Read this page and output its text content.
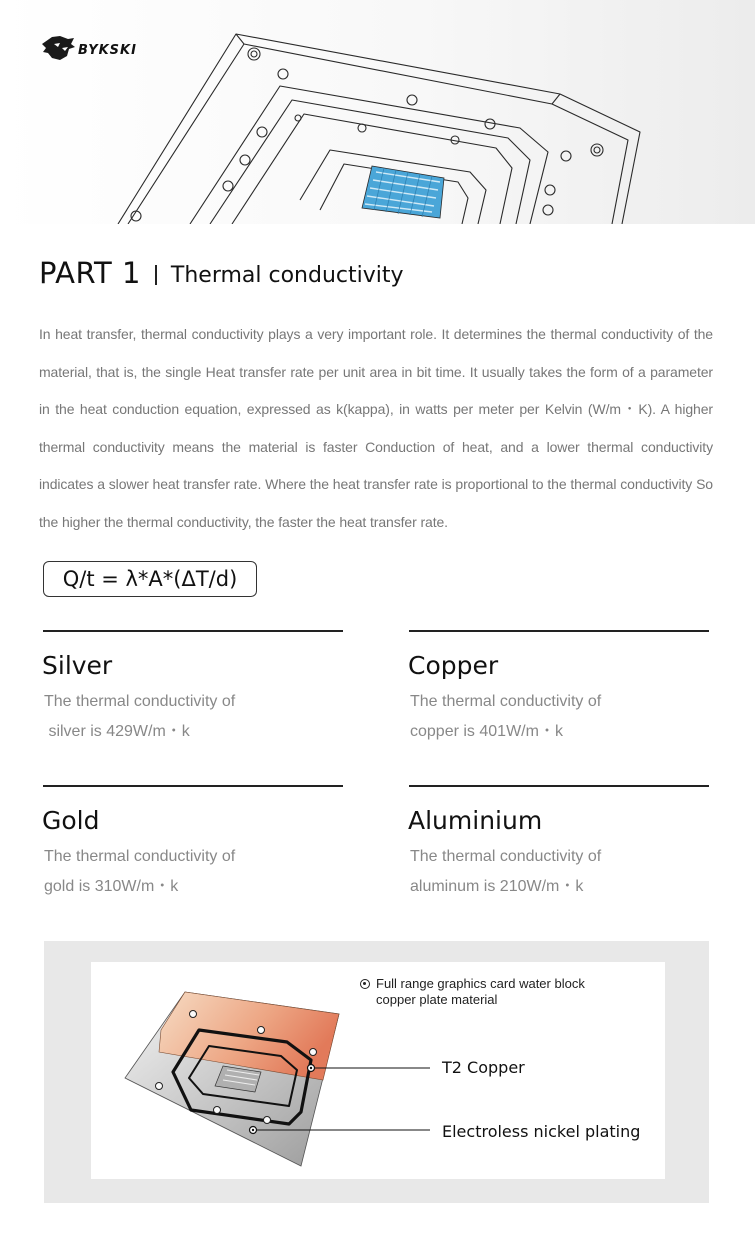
BYKSKI
PART 1 Thermal conductivity

In heat transfer, thermal conductivity plays a very important role. It determines the thermal conductivity of the material, that is, the single Heat transfer rate per unit area in bit time. It usually takes the form of a parameter in the heat conduction equation, expressed as k(kappa), in watts per meter per Kelvin (W/m・K). A higher thermal conductivity means the material is faster Conduction of heat, and a lower thermal conductivity indicates a slower heat transfer rate. Where the heat transfer rate is proportional to the thermal conductivity So the higher the thermal conductivity, the faster the heat transfer rate.

Q/t = λ*A*(ΔT/d)
Silver
The thermal conductivity of
silver is 429W/m・k
Copper
The thermal conductivity of
copper is 401W/m・k
Gold
The thermal conductivity of
gold is 310W/m・k
Aluminium
The thermal conductivity of
aluminum is 210W/m・k
Full range graphics card water block copper plate material
T2 Copper
Electroless nickel plating
